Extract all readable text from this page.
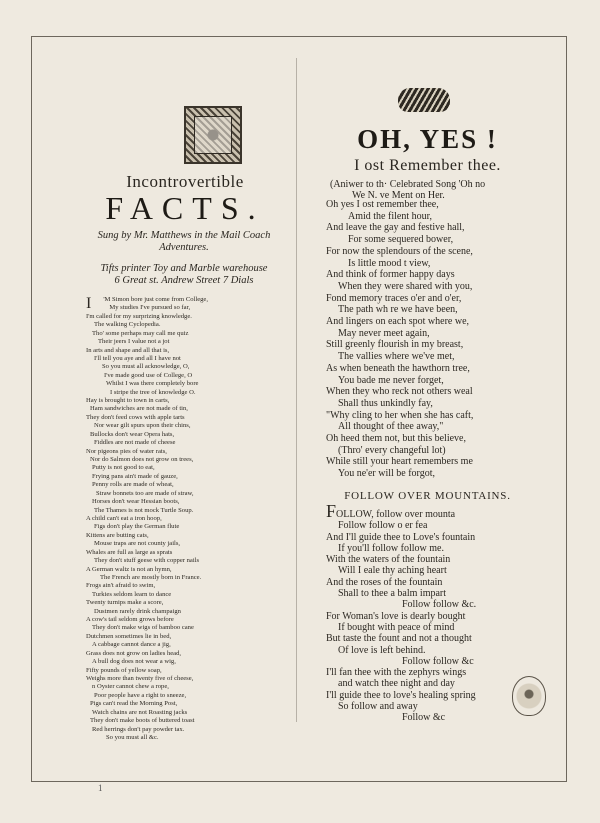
Incontrovertible
FACTS.
Sung by Mr. Matthews in the Mail Coach
Adventures.
Tifts printer Toy and Marble warehouse
6 Great st. Andrew Street 7 Dials
I	'M Simon bore just come from College,
My studies I've pursued so far,
I'm called for my surprizing knowledge.
The walking Cyclopedia.
Tho' some perhaps may call me quiz
Their jeers I value not a jot
In arts and shape and all that is,
I'll tell you aye and all I have not
So you must all acknowledge, O,
I've made good use of College, O
Whilst I was there completely bore
I stripe the tree of knowledge O.
Hay is brought to town in carts,
Ham sandwiches are not made of tin,
They don't feed cows with apple tarts
Nor wear gilt spurs upon their chins,
Bullocks don't wear Opera hats,
Fiddles are not made of cheese
Nor pigeons pies of water rats,
Nor do Salmon does not grow on trees,
Putty is not good to eat,
Frying pans ain't made of gauze,
Penny rolls are made of wheat,
Straw bonnets too are made of straw,
Horses don't wear Hessian boots,
The Thames is not mock Turtle Soup.
A child can't eat a iron hoop,
Figs don't play the German flute
Kittens are butting cats,
Mouse traps are not county jails,
Whales are full as large as sprats
They don't stuff geese with copper nails
A German waltz is not an hymn,
The French are mostly born in France.
Frogs ain't afraid to swim,
Turkies seldom learn to dance
Twenty turnips make a score,
Dustmen rarely drink champaign
A cow's tail seldom grows before
They don't make wigs of bamboo cane
Dutchmen sometimes lie in bed,
A cabbage cannot dance a jig,
Grass does not grow on ladies head,
A bull dog does not wear a wig,
Fifty pounds of yellow soap,
Weighs more than twenty five of cheese,
n Oyster cannot chew a rope,
Poor people have a right to sneeze,
Pigs can't read the Morning Post,
Watch chains are not Roasting jacks
They don't make boots of buttered toast
Red herrings don't pay powder tax.
So you must all &c.
OH, YES !
I ost Remember thee.
(Aniwer to th· Celebrated Song 'Oh no
We N. ve Ment on Her.
Oh yes I ost remember thee,
Amid the filent hour,
And leave the gay and festive hall,
For some sequered bower,
For now the splendours of the scene,
Is little mood t view,
And think of former happy days
When they were shared with you,
Fond memory traces o'er and o'er,
The path wh re we have been,
And lingers on each spot where we,
May never meet again,
Still greenly flourish in my breast,
The vallies where we've met,
As when beneath the hawthorn tree,
You bade me never forget,
When they who reck not others weal
Shall thus unkindly fay,
"Why cling to her when she has caft,
All thought of thee away,"
Oh heed them not, but this believe,
(Thro' every changeful lot)
While still your heart remembers me
You ne'er will be forgot,
FOLLOW OVER MOUNTAINS.
FOLLOW, follow over mounta
Follow follow o er fea
And I'll guide thee to Love's fountain
If you'll follow follow me.
With the waters of the fountain
Will I eale thy aching heart
And the roses of the fountain
Shall to thee a balm impart
Follow follow &c.
For Woman's love is dearly bought
If bought with peace of mind
But taste the fount and not a thought
Of love is left behind.
Follow follow &c
I'll fan thee with the zephyrs wings
and watch thee night and day
I'll guide thee to love's healing spring
So follow and away
Follow &c
1
